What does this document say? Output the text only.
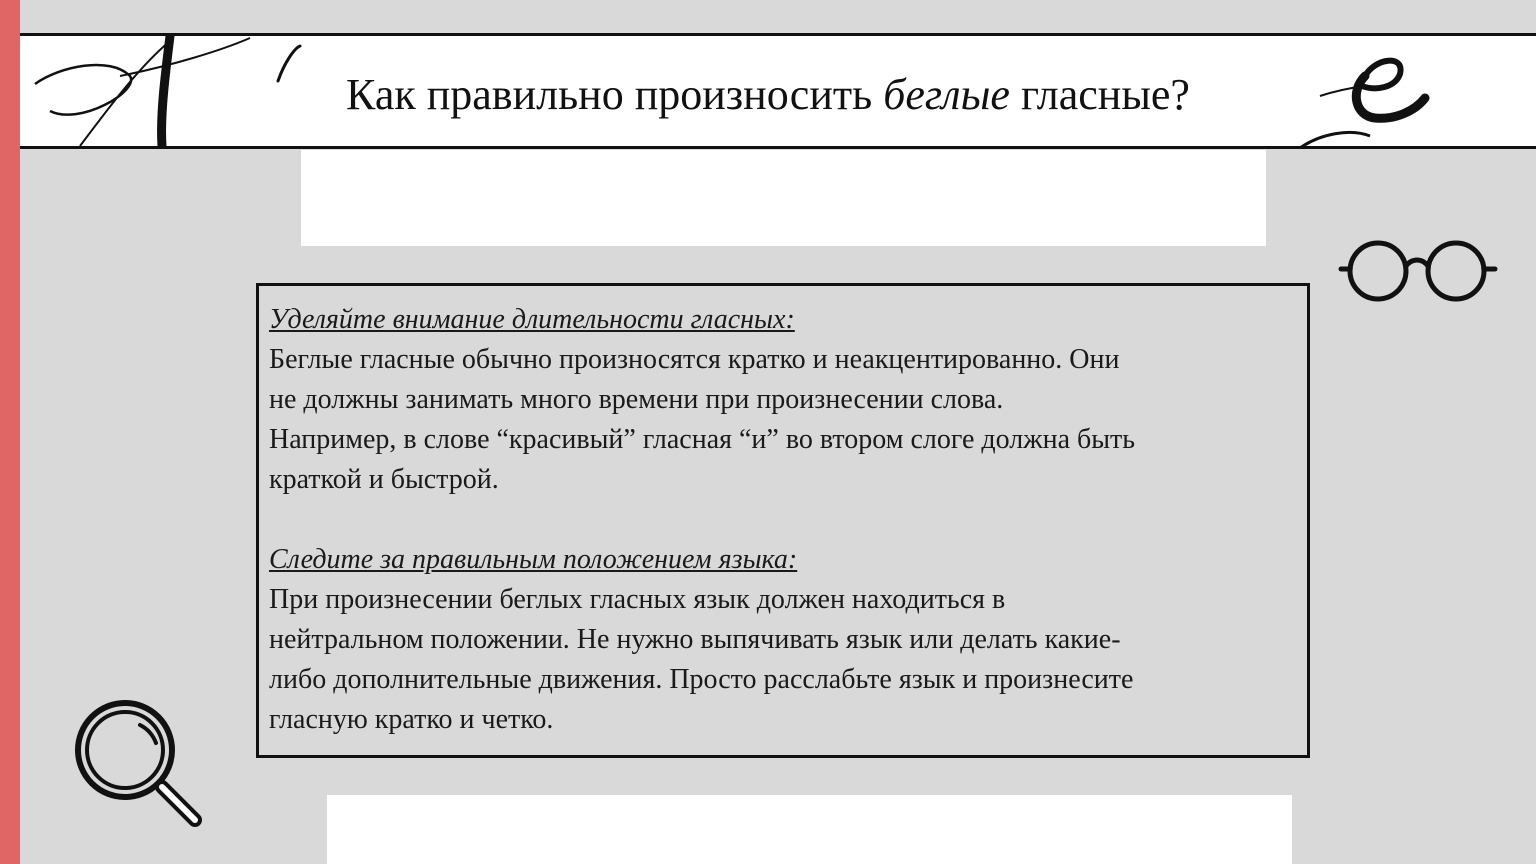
Как правильно произносить беглые гласные?

Уделяйте внимание длительности гласных:

Беглые гласные обычно произносятся кратко и неакцентированно. Они

не должны занимать много времени при произнесении слова.

Например, в слове “красивый” гласная “и” во втором слоге должна быть

краткой и быстрой.

Следите за правильным положением языка:

При произнесении беглых гласных язык должен находиться в

нейтральном положении. Не нужно выпячивать язык или делать какие-

либо дополнительные движения. Просто расслабьте язык и произнесите

гласную кратко и четко.
